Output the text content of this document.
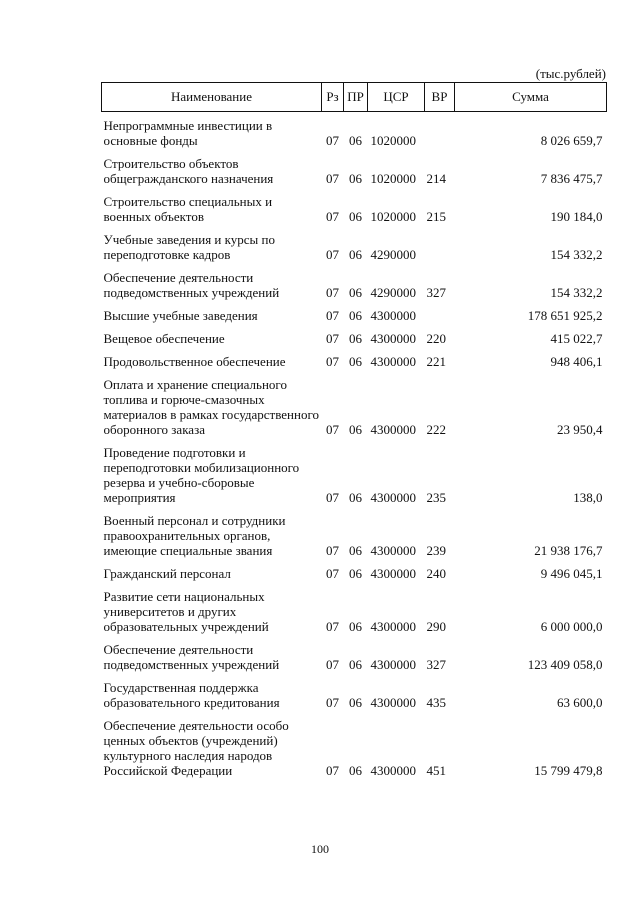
(тыс.рублей)
Наименование	Рз	ПР	ЦСР	ВР	Сумма
Непрограммные инвестиции в основные фонды	07	06	1020000		8 026 659,7
Строительство объектов общегражданского назначения	07	06	1020000	214	7 836 475,7
Строительство специальных и военных объектов	07	06	1020000	215	190 184,0
Учебные заведения и курсы по переподготовке кадров	07	06	4290000		154 332,2
Обеспечение деятельности подведомственных учреждений	07	06	4290000	327	154 332,2
Высшие учебные заведения	07	06	4300000		178 651 925,2
Вещевое обеспечение	07	06	4300000	220	415 022,7
Продовольственное обеспечение	07	06	4300000	221	948 406,1
Оплата и хранение специального топлива и горюче-смазочных материалов в рамках государственного оборонного заказа	07	06	4300000	222	23 950,4
Проведение подготовки и переподготовки мобилизационного резерва и учебно-сборовые мероприятия	07	06	4300000	235	138,0
Военный персонал и сотрудники правоохранительных органов, имеющие специальные звания	07	06	4300000	239	21 938 176,7
Гражданский персонал	07	06	4300000	240	9 496 045,1
Развитие сети национальных университетов и других образовательных учреждений	07	06	4300000	290	6 000 000,0
Обеспечение деятельности подведомственных учреждений	07	06	4300000	327	123 409 058,0
Государственная поддержка образовательного кредитования	07	06	4300000	435	63 600,0
Обеспечение деятельности особо ценных объектов (учреждений) культурного наследия народов Российской Федерации	07	06	4300000	451	15 799 479,8
100
